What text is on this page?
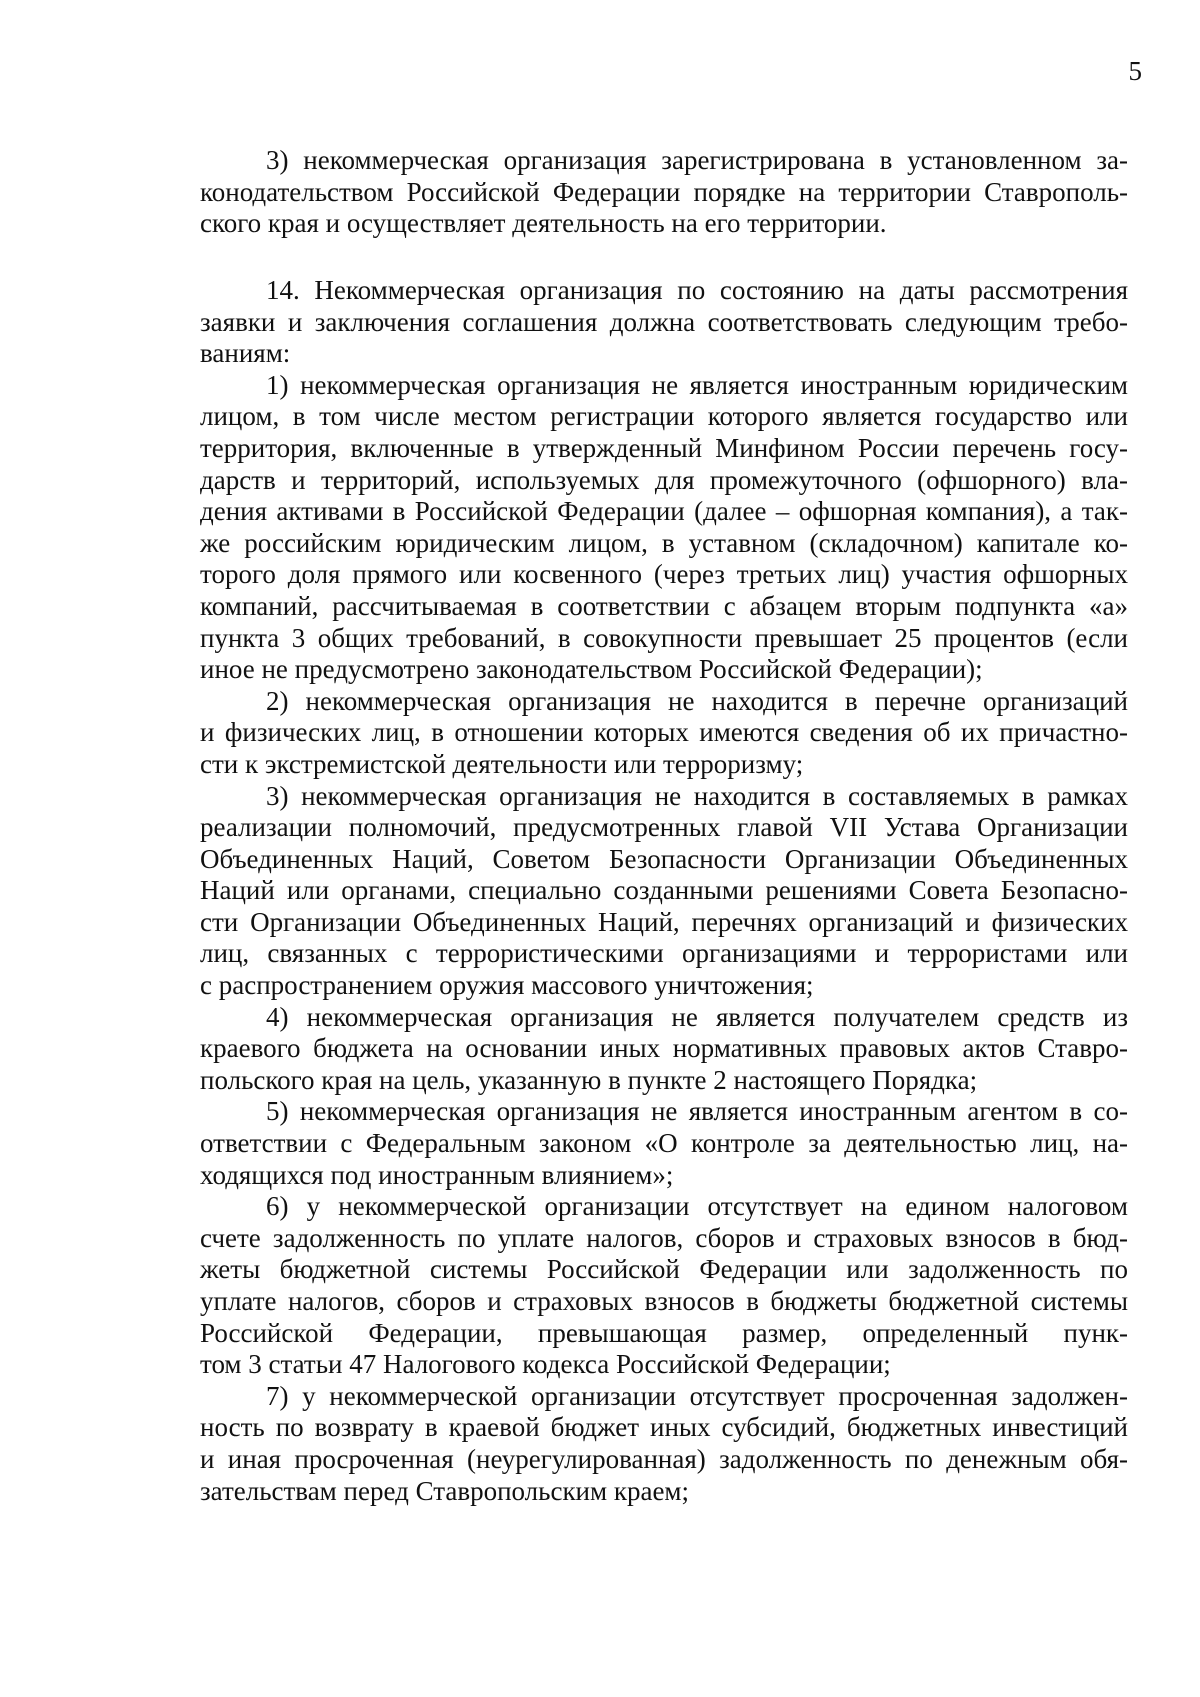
5
3) некоммерческая организация зарегистрирована в установленном за-
конодательством Российской Федерации порядке на территории Ставрополь-
ского края и осуществляет деятельность на его территории.
14. Некоммерческая организация по состоянию на даты рассмотрения
заявки и заключения соглашения должна соответствовать следующим требо-
ваниям:
1) некоммерческая организация не является иностранным юридическим
лицом, в том числе местом регистрации которого является государство или
территория, включенные в утвержденный Минфином России перечень госу-
дарств и территорий, используемых для промежуточного (офшорного) вла-
дения активами в Российской Федерации (далее – офшорная компания), а так-
же российским юридическим лицом, в уставном (складочном) капитале ко-
торого доля прямого или косвенного (через третьих лиц) участия офшорных
компаний, рассчитываемая в соответствии с абзацем вторым подпункта «а»
пункта 3 общих требований, в совокупности превышает 25 процентов (если
иное не предусмотрено законодательством Российской Федерации);
2) некоммерческая организация не находится в перечне организаций
и физических лиц, в отношении которых имеются сведения об их причастно-
сти к экстремистской деятельности или терроризму;
3) некоммерческая организация не находится в составляемых в рамках
реализации полномочий, предусмотренных главой VII Устава Организации
Объединенных Наций, Советом Безопасности Организации Объединенных
Наций или органами, специально созданными решениями Совета Безопасно-
сти Организации Объединенных Наций, перечнях организаций и физических
лиц, связанных с террористическими организациями и террористами или
с распространением оружия массового уничтожения;
4) некоммерческая организация не является получателем средств из
краевого бюджета на основании иных нормативных правовых актов Ставро-
польского края на цель, указанную в пункте 2 настоящего Порядка;
5) некоммерческая организация не является иностранным агентом в со-
ответствии с Федеральным законом «О контроле за деятельностью лиц, на-
ходящихся под иностранным влиянием»;
6) у некоммерческой организации отсутствует на едином налоговом
счете задолженность по уплате налогов, сборов и страховых взносов в бюд-
жеты бюджетной системы Российской Федерации или задолженность по
уплате налогов, сборов и страховых взносов в бюджеты бюджетной системы
Российской Федерации, превышающая размер, определенный пунк-
том 3 статьи 47 Налогового кодекса Российской Федерации;
7) у некоммерческой организации отсутствует просроченная задолжен-
ность по возврату в краевой бюджет иных субсидий, бюджетных инвестиций
и иная просроченная (неурегулированная) задолженность по денежным обя-
зательствам перед Ставропольским краем;
